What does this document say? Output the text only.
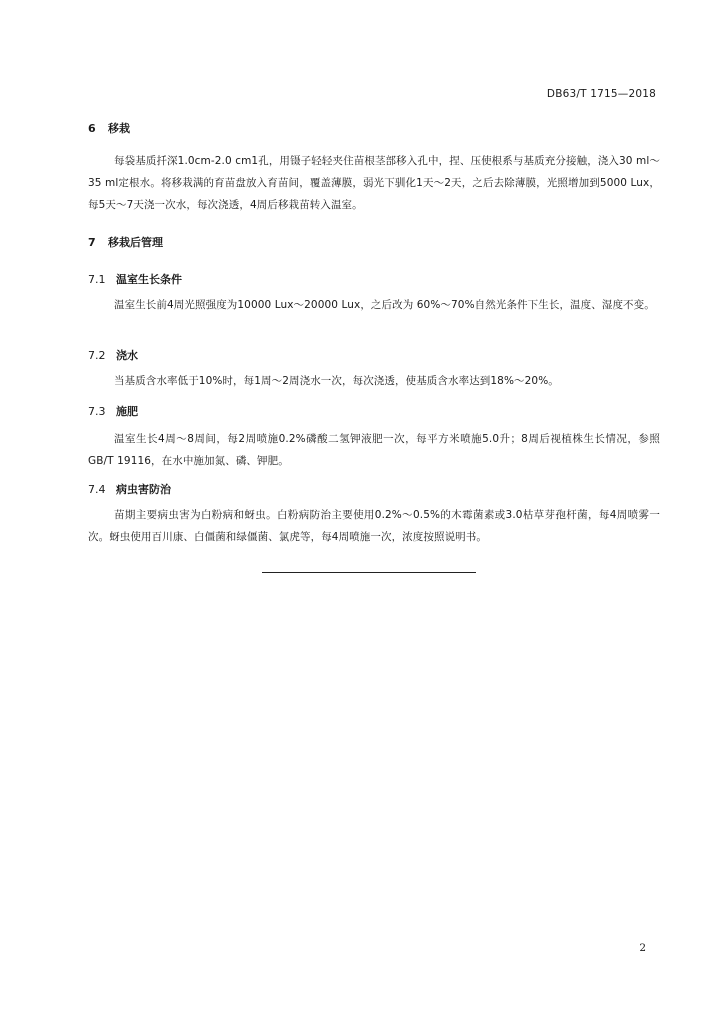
DB63/T 1715—2018
6 移栽
每袋基质扦深1.0cm-2.0 cm1孔，用镊子轻轻夹住苗根茎部移入孔中，捏、压使根系与基质充分接触，浇入30 ml～35 ml定根水。将移栽满的育苗盘放入育苗间，覆盖薄膜，弱光下驯化1天～2天，之后去除薄膜，光照增加到5000 Lux，每5天～7天浇一次水，每次浇透，4周后移栽苗转入温室。
7 移栽后管理
7.1 温室生长条件
温室生长前4周光照强度为10000 Lux～20000 Lux，之后改为 60%～70%自然光条件下生长，温度、湿度不变。
7.2 浇水
当基质含水率低于10%时，每1周～2周浇水一次，每次浇透，使基质含水率达到18%～20%。
7.3 施肥
温室生长4周～8周间，每2周喷施0.2%磷酸二氢钾液肥一次，每平方米喷施5.0升；8周后视植株生长情况，参照GB/T 19116，在水中施加氮、磷、钾肥。
7.4 病虫害防治
苗期主要病虫害为白粉病和蚜虫。白粉病防治主要使用0.2%～0.5%的木霉菌素或3.0枯草芽孢杆菌，每4周喷雾一次。蚜虫使用百川康、白僵菌和绿僵菌、氯虎等，每4周喷施一次，浓度按照说明书。
2
